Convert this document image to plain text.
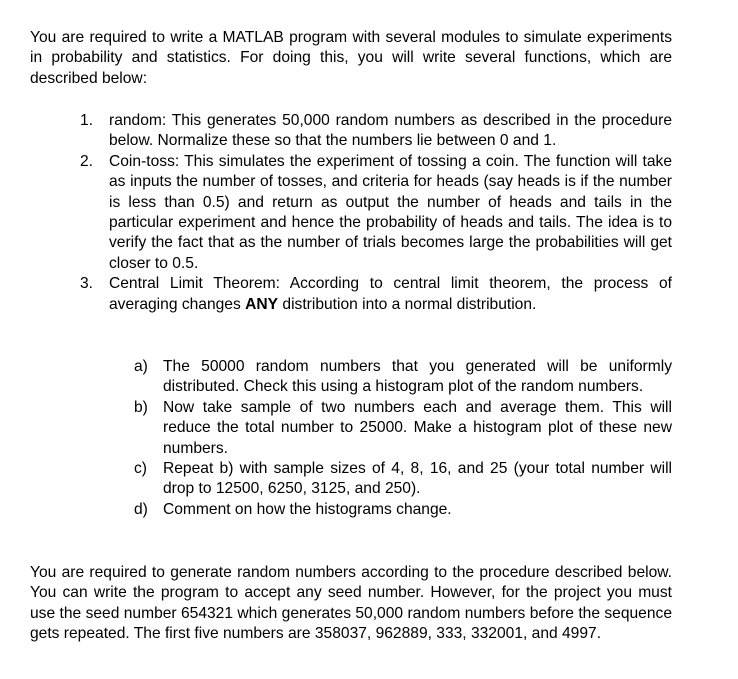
You are required to write a MATLAB program with several modules to simulate experiments in probability and statistics. For doing this, you will write several functions, which are described below:

1. random: This generates 50,000 random numbers as described in the procedure below. Normalize these so that the numbers lie between 0 and 1.
2. Coin-toss: This simulates the experiment of tossing a coin. The function will take as inputs the number of tosses, and criteria for heads (say heads is if the number is less than 0.5) and return as output the number of heads and tails in the particular experiment and hence the probability of heads and tails. The idea is to verify the fact that as the number of trials becomes large the probabilities will get closer to 0.5.
3. Central Limit Theorem: According to central limit theorem, the process of averaging changes ANY distribution into a normal distribution.
a) The 50000 random numbers that you generated will be uniformly distributed. Check this using a histogram plot of the random numbers.
b) Now take sample of two numbers each and average them. This will reduce the total number to 25000. Make a histogram plot of these new numbers.
c) Repeat b) with sample sizes of 4, 8, 16, and 25 (your total number will drop to 12500, 6250, 3125, and 250).
d) Comment on how the histograms change.

You are required to generate random numbers according to the procedure described below. You can write the program to accept any seed number. However, for the project you must use the seed number 654321 which generates 50,000 random numbers before the sequence gets repeated. The first five numbers are 358037, 962889, 333, 332001, and 4997.
